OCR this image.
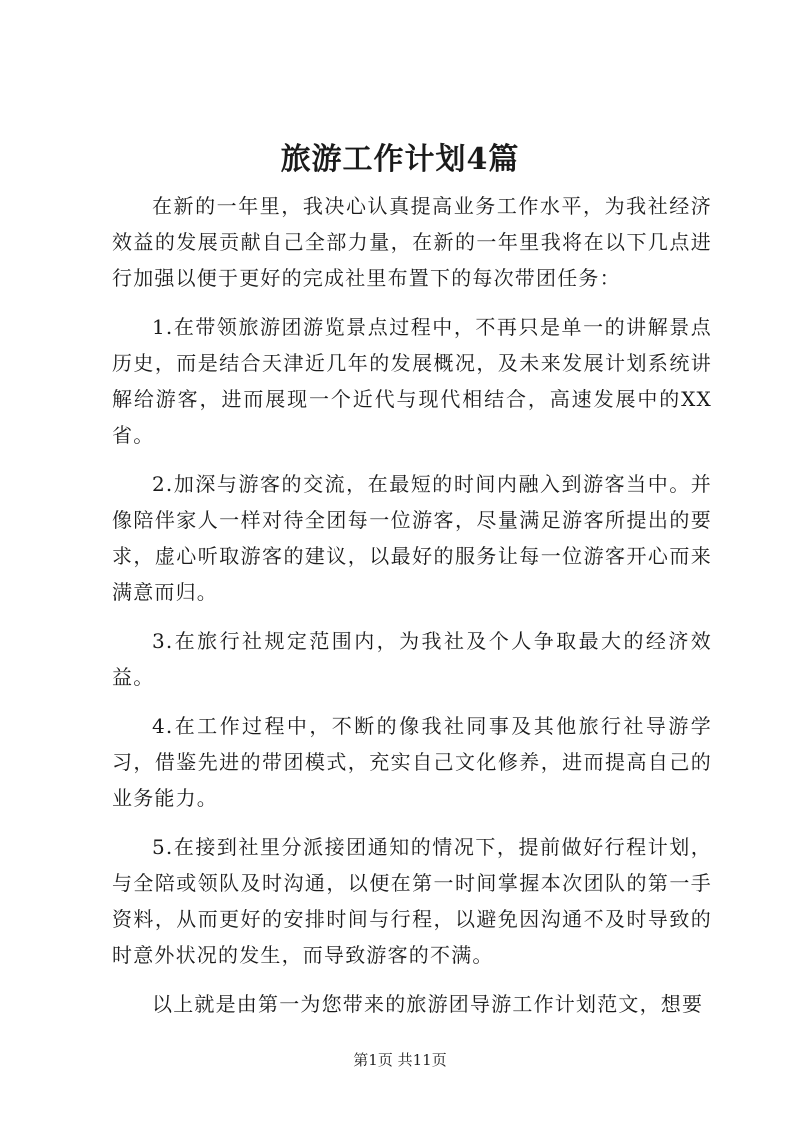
旅游工作计划4篇

在新的一年里，我决心认真提高业务工作水平，为我社经济效益的发展贡献自己全部力量，在新的一年里我将在以下几点进行加强以便于更好的完成社里布置下的每次带团任务：

1.在带领旅游团游览景点过程中，不再只是单一的讲解景点历史，而是结合天津近几年的发展概况，及未来发展计划系统讲解给游客，进而展现一个近代与现代相结合，高速发展中的XX省。

2.加深与游客的交流，在最短的时间内融入到游客当中。并像陪伴家人一样对待全团每一位游客，尽量满足游客所提出的要求，虚心听取游客的建议，以最好的服务让每一位游客开心而来满意而归。

3.在旅行社规定范围内，为我社及个人争取最大的经济效益。

4.在工作过程中，不断的像我社同事及其他旅行社导游学习，借鉴先进的带团模式，充实自己文化修养，进而提高自己的业务能力。

5.在接到社里分派接团通知的情况下，提前做好行程计划，与全陪或领队及时沟通，以便在第一时间掌握本次团队的第一手资料，从而更好的安排时间与行程，以避免因沟通不及时导致的时意外状况的发生，而导致游客的不满。

以上就是由第一为您带来的旅游团导游工作计划范文，想要

第1页 共11页
